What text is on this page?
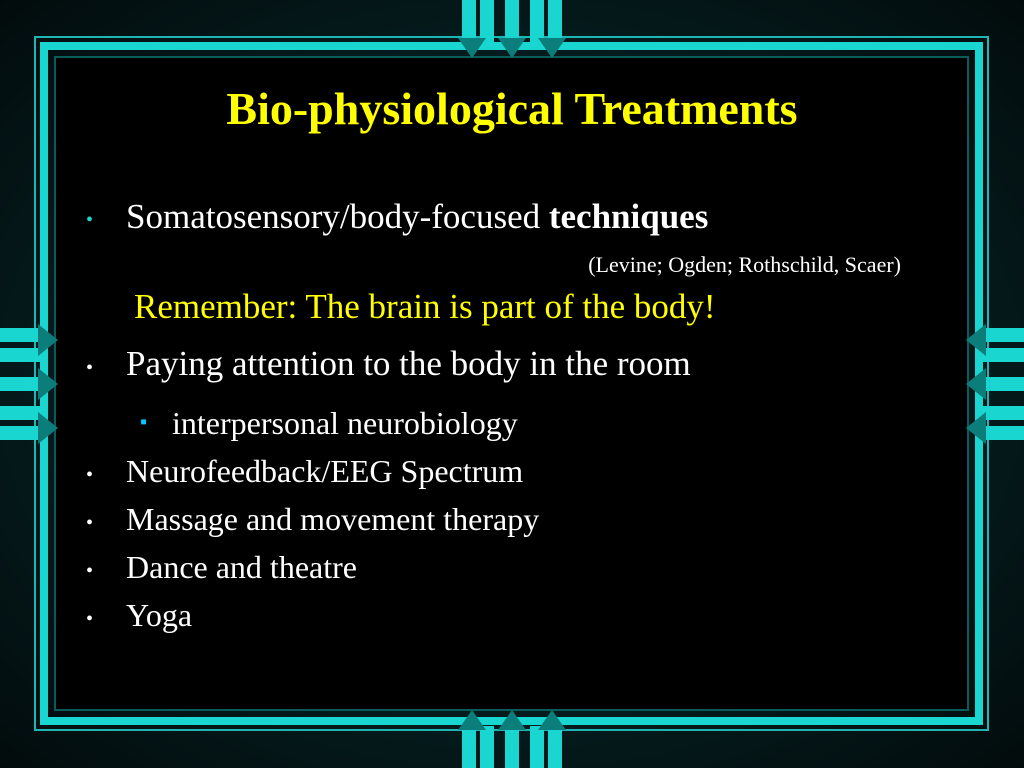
Bio-physiological Treatments
• Somatosensory/body-focused techniques
(Levine; Ogden; Rothschild, Scaer)
Remember: The brain is part of the body!
• Paying attention to the body in the room
▪ interpersonal neurobiology
• Neurofeedback/EEG Spectrum
• Massage and movement therapy
• Dance and theatre
• Yoga
